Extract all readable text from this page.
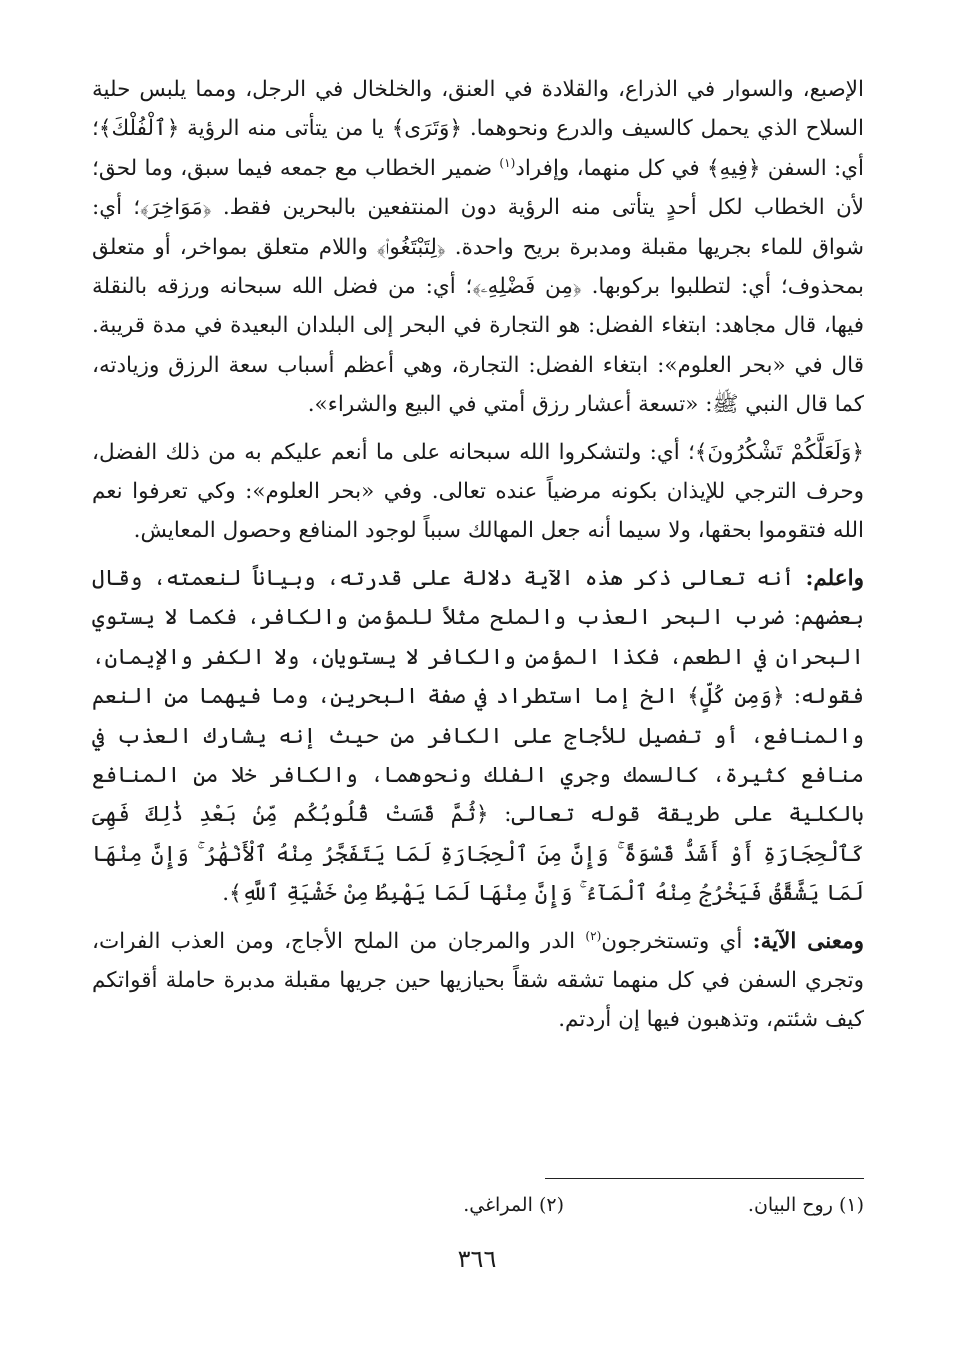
الإصبع، والسوار في الذراع، والقلادة في العنق، والخلخال في الرجل، ومما يلبس حلية السلاح الذي يحمل كالسيف والدرع ونحوهما. ﴿وَتَرَى﴾ يا من يتأتى منه الرؤية ﴿ٱلْفُلْكَ﴾؛ أي: السفن ﴿فِيهِ﴾ في كل منهما، وإفراد$^{(١)}$ ضمير الخطاب مع جمعه فيما سبق، وما لحق؛ لأن الخطاب لكل أحدٍ يتأتى منه الرؤية دون المنتفعين بالبحرين فقط. ﴿مَوَاخِرَ﴾؛ أي: شواق للماء بجريها مقبلة ومدبرة بريح واحدة. ﴿لِتَبْتَغُوا۟﴾ واللام متعلق بمواخر، أو متعلق بمحذوف؛ أي: لتطلبوا بركوبها. ﴿مِن فَضْلِهِۦ﴾؛ أي: من فضل الله سبحانه ورزقه بالنقلة فيها، قال مجاهد: ابتغاء الفضل: هو التجارة في البحر إلى البلدان البعيدة في مدة قريبة. قال في «بحر العلوم»: ابتغاء الفضل: التجارة، وهي أعظم أسباب سعة الرزق وزيادته، كما قال النبي ﷺ: «تسعة أعشار رزق أمتي في البيع والشراء».

﴿وَلَعَلَّكُمْ تَشْكُرُونَ﴾؛ أي: ولتشكروا الله سبحانه على ما أنعم عليكم به من ذلك الفضل، وحرف الترجي للإيذان بكونه مرضياً عنده تعالى. وفي «بحر العلوم»: وكي تعرفوا نعم الله فتقوموا بحقها، ولا سيما أنه جعل المهالك سبباً لوجود المنافع وحصول المعايش.

واعلم: أنه تعالى ذكر هذه الآية دلالة على قدرته، وبياناً لنعمته، وقال بعضهم: ضرب البحر العذب والملح مثلاً للمؤمن والكافر، فكما لا يستوي البحران في الطعم، فكذا المؤمن والكافر لا يستويان، ولا الكفر والإيمان، فقوله: ﴿وَمِن كُلٍّ﴾ الخ إما استطراد في صفة البحرين، وما فيهما من النعم والمنافع، أو تفصيل للأجاج على الكافر من حيث إنه يشارك العذب في منافع كثيرة، كالسمك وجري الفلك ونحوهما، والكافر خلا من المنافع بالكلية على طريقة قوله تعالى: ﴿ثُمَّ قَسَتْ قُلُوبُكُم مِّنۢ بَعْدِ ذَٰلِكَ فَهِىَ كَٱلْحِجَارَةِ أَوْ أَشَدُّ قَسْوَةً ۚ وَإِنَّ مِنَ ٱلْحِجَارَةِ لَمَا يَتَفَجَّرُ مِنْهُ ٱلْأَنْهَٰرُ ۚ وَإِنَّ مِنْهَا لَمَا يَشَّقَّقُ فَيَخْرُجُ مِنْهُ ٱلْمَآءُ ۚ وَإِنَّ مِنْهَا لَمَا يَهْبِطُ مِنْ خَشْيَةِ ٱللَّهِ﴾.

ومعنى الآية: أي وتستخرجون$^{(٢)}$ الدر والمرجان من الملح الأجاج، ومن العذب الفرات، وتجري السفن في كل منهما تشقه شقاً بحيازيها حين جريها مقبلة مدبرة حاملة أقواتكم كيف شئتم، وتذهبون فيها إن أردتم.

(١) روح البيان.
(٢) المراغي.
٣٦٦
